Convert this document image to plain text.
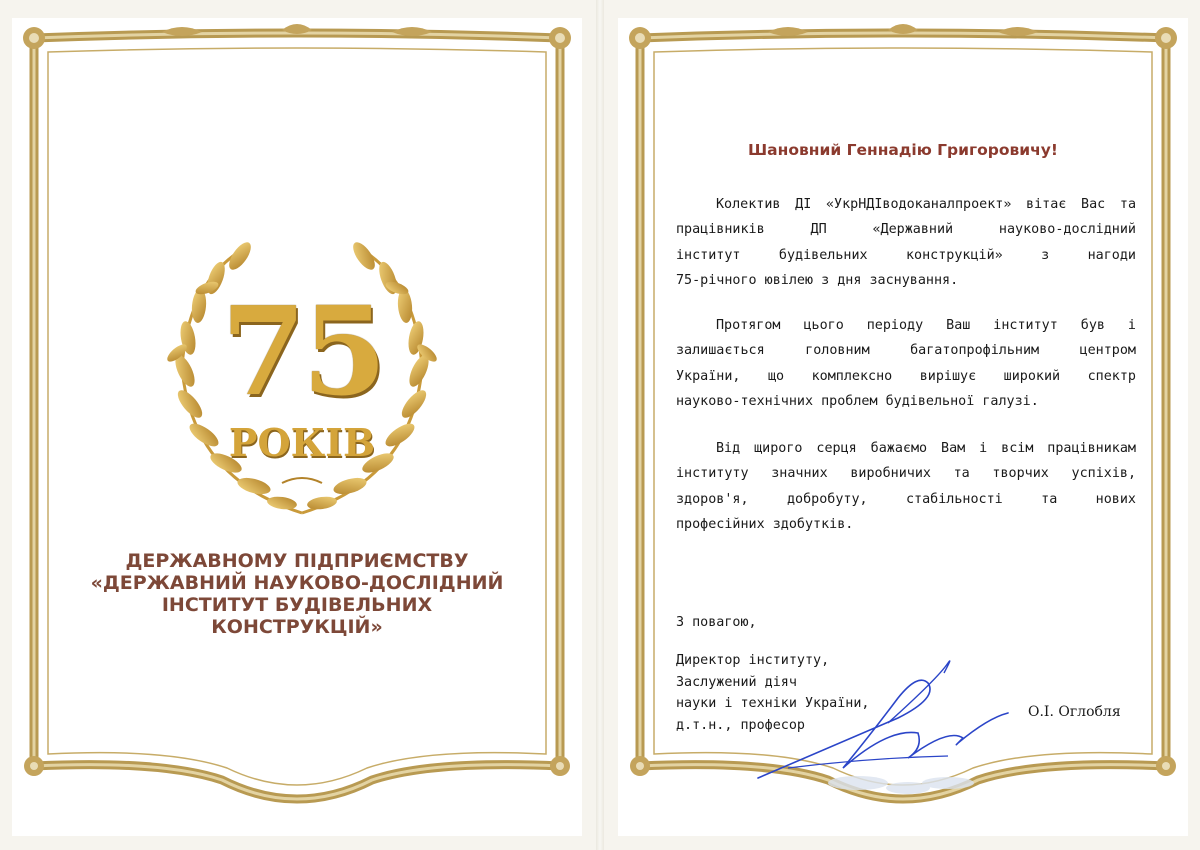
75
РОКІВ
ДЕРЖАВНОМУ ПІДПРИЄМСТВУ
«ДЕРЖАВНИЙ НАУКОВО-ДОСЛІДНИЙ
ІНСТИТУТ БУДІВЕЛЬНИХ
КОНСТРУКЦІЙ»
Шановний Геннадію Григоровичу!
Колектив ДІ «УкрНДІводоканалпроект» вітає Вас та
працівників ДП «Державний науково-дослідний
інститут будівельних конструкцій» з нагоди
75-річного ювілею з дня заснування.
Протягом цього періоду Ваш інститут був і
залишається головним багатопрофільним центром
України, що комплексно вирішує широкий спектр
науково-технічних проблем будівельної галузі.
Від щирого серця бажаємо Вам і всім працівникам
інституту значних виробничих та творчих успіхів,
здоров'я, добробуту, стабільності та нових
професійних здобутків.
З повагою,
Директор інституту,
Заслужений діяч
науки і техніки України,
д.т.н., професор
О.І. Оглобля
